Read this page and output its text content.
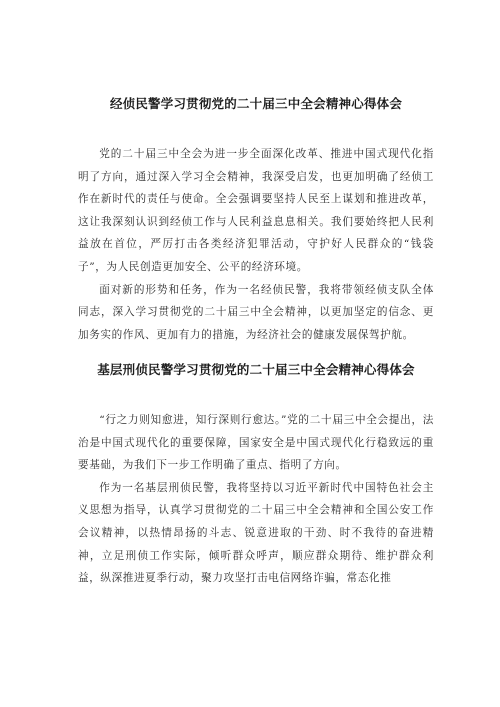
经侦民警学习贯彻党的二十届三中全会精神心得体会

党的二十届三中全会为进一步全面深化改革、推进中国式现代化指明了方向，通过深入学习全会精神，我深受启发，也更加明确了经侦工作在新时代的责任与使命。全会强调要坚持人民至上谋划和推进改革，这让我深刻认识到经侦工作与人民利益息息相关。我们要始终把人民利益放在首位，严厉打击各类经济犯罪活动，守护好人民群众的“钱袋子”，为人民创造更加安全、公平的经济环境。

面对新的形势和任务，作为一名经侦民警，我将带领经侦支队全体同志，深入学习贯彻党的二十届三中全会精神，以更加坚定的信念、更加务实的作风、更加有力的措施，为经济社会的健康发展保驾护航。

基层刑侦民警学习贯彻党的二十届三中全会精神心得体会

“行之力则知愈进，知行深则行愈达。”党的二十届三中全会提出，法治是中国式现代化的重要保障，国家安全是中国式现代化行稳致远的重要基础，为我们下一步工作明确了重点、指明了方向。

作为一名基层刑侦民警，我将坚持以习近平新时代中国特色社会主义思想为指导，认真学习贯彻党的二十届三中全会精神和全国公安工作会议精神，以热情昂扬的斗志、锐意进取的干劲、时不我待的奋进精神，立足刑侦工作实际，倾听群众呼声，顺应群众期待、维护群众利益，纵深推进夏季行动，聚力攻坚打击电信网络诈骗，常态化推
